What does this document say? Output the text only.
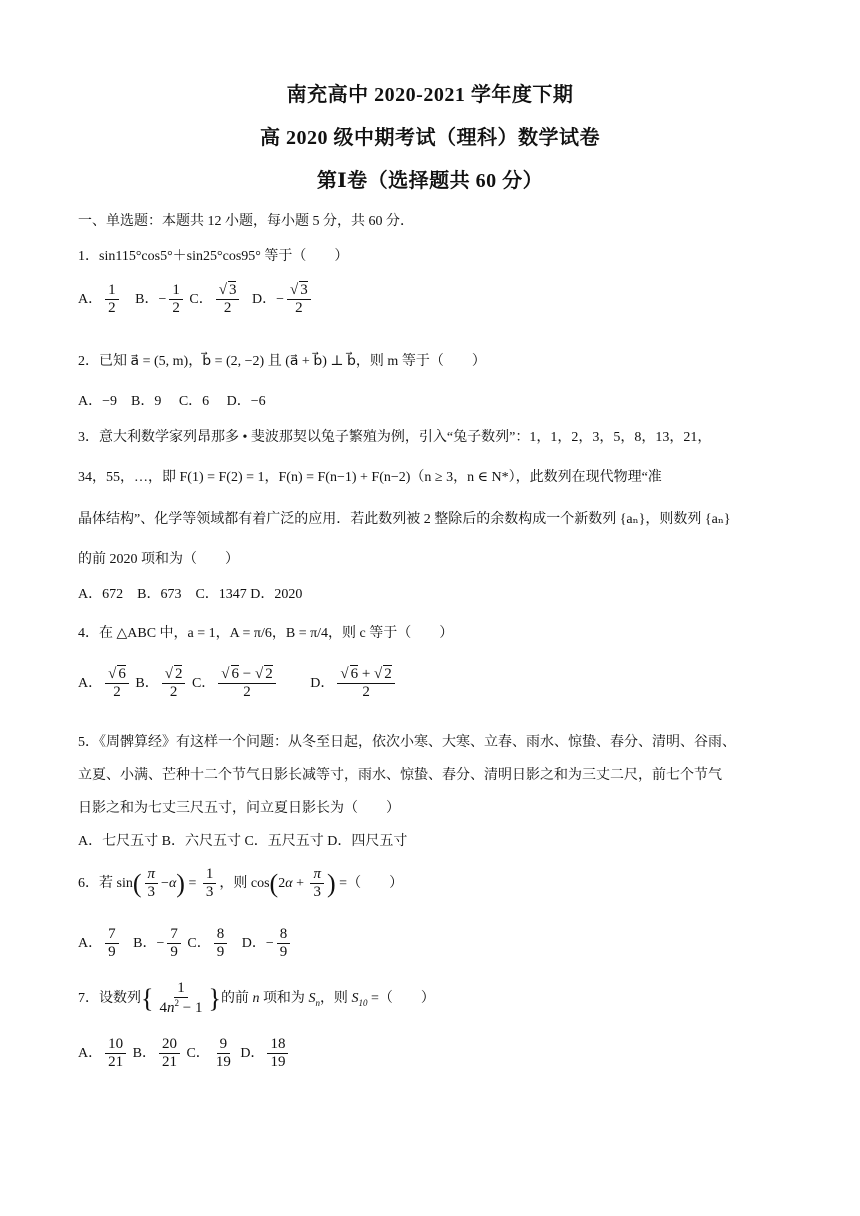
南充高中 2020-2021 学年度下期
高 2020 级中期考试（理科）数学试卷
第Ⅰ卷（选择题共 60 分）
一、单选题：本题共 12 小题，每小题 5 分，共 60 分．
1．sin115°cos5°＋sin25°cos95° 等于（　　）
A． $\frac{1}{2}$ B．− $\frac{1}{2}$ C． $\frac{√ 3}{2}$ D．− $\frac{√ 3}{2}$
2．已知 a⃗ = (5, m)，b⃗ = (2, −2) 且 (a⃗ + b⃗) ⊥ b⃗，则 m 等于（　　）
A．−9　B．9　 C．6　 D．−6
3．意大利数学家列昂那多 • 斐波那契以兔子繁殖为例，引入“兔子数列”：1，1，2，3，5，8，13，21，
34，55，…，即 F(1) = F(2) = 1，F(n) = F(n−1) + F(n−2)（n ≥ 3，n ∈ N*），此数列在现代物理“准
晶体结构”、化学等领域都有着广泛的应用．若此数列被 2 整除后的余数构成一个新数列 {aₙ}，则数列 {aₙ}
的前 2020 项和为（　　）
A．672　B．673　C．1347 D．2020
4．在 △ABC 中，a = 1，A = π/6，B = π/4，则 c 等于（　　）
A． $\frac{√ 6}{2}$ B． $\frac{√ 2}{2}$ C． $\frac{√ 6 - √ 2}{2}$ D． $\frac{√ 6 + √ 2}{2}$
5．《周髀算经》有这样一个问题：从冬至日起，依次小寒、大寒、立春、雨水、惊蛰、春分、清明、谷雨、
立夏、小满、芒种十二个节气日影长减等寸，雨水、惊蛰、春分、清明日影之和为三丈二尺，前七个节气
日影之和为七丈三尺五寸，问立夏日影长为（　　）
A．七尺五寸 B．六尺五寸 C．五尺五寸 D．四尺五寸
6．若 $\sin( \frac{\pi}{3} -\alpha) = \frac{1}{3}$ ，则 $\cos(2\alpha + \frac{\pi}{3}$ ) =（　　）
A． $\frac{7}{9}$ B．− $\frac{7}{9}$ C． $\frac{8}{9}$ D．− $\frac{8}{9}$
7．设数列{ $\frac{1}{4n^2 - 1}$ }的前 n 项和为 $S_n$，则 $S_{10}$ =（　　）
A． $\frac{10}{21}$ B． $\frac{20}{21}$ C． $\frac{9}{19}$ D． $\frac{18}{19}$
